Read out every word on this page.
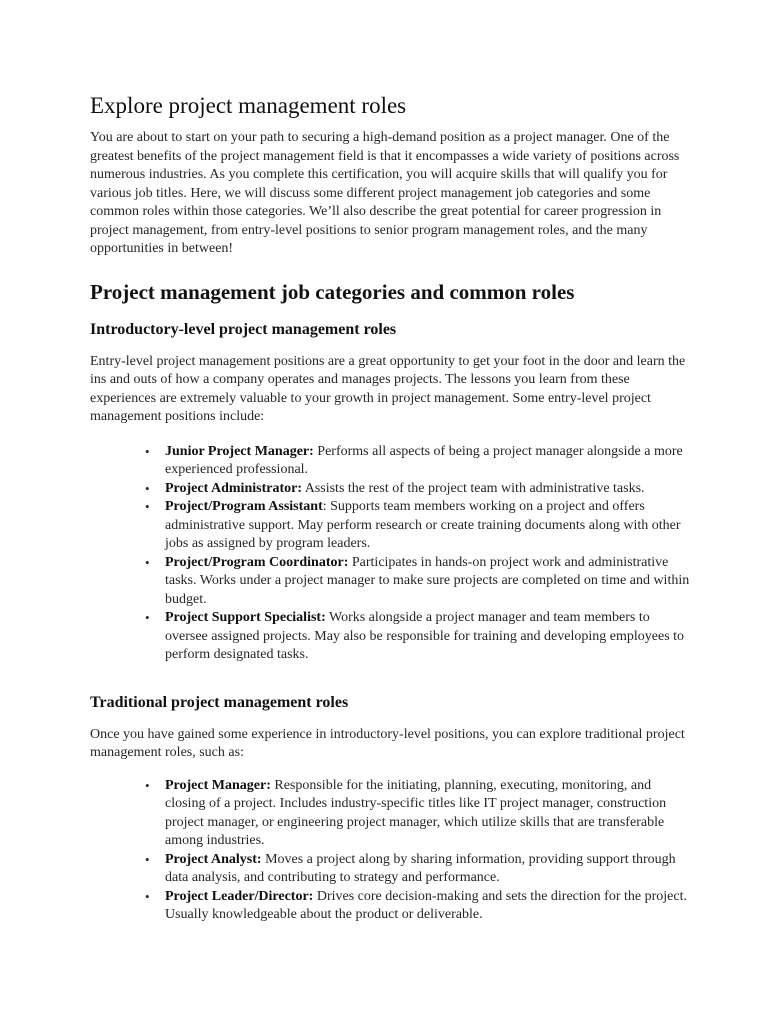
Explore project management roles

You are about to start on your path to securing a high-demand position as a project manager. One of the greatest benefits of the project management field is that it encompasses a wide variety of positions across numerous industries. As you complete this certification, you will acquire skills that will qualify you for various job titles. Here, we will discuss some different project management job categories and some common roles within those categories. We’ll also describe the great potential for career progression in project management, from entry-level positions to senior program management roles, and the many opportunities in between!

Project management job categories and common roles
Introductory-level project management roles

Entry-level project management positions are a great opportunity to get your foot in the door and learn the ins and outs of how a company operates and manages projects. The lessons you learn from these experiences are extremely valuable to your growth in project management. Some entry-level project management positions include:

• Junior Project Manager: Performs all aspects of being a project manager alongside a more experienced professional.
• Project Administrator: Assists the rest of the project team with administrative tasks.
• Project/Program Assistant: Supports team members working on a project and offers administrative support. May perform research or create training documents along with other jobs as assigned by program leaders.
• Project/Program Coordinator: Participates in hands-on project work and administrative tasks. Works under a project manager to make sure projects are completed on time and within budget.
• Project Support Specialist: Works alongside a project manager and team members to oversee assigned projects. May also be responsible for training and developing employees to perform designated tasks.
Traditional project management roles

Once you have gained some experience in introductory-level positions, you can explore traditional project management roles, such as:

• Project Manager: Responsible for the initiating, planning, executing, monitoring, and closing of a project. Includes industry-specific titles like IT project manager, construction project manager, or engineering project manager, which utilize skills that are transferable among industries.
• Project Analyst: Moves a project along by sharing information, providing support through data analysis, and contributing to strategy and performance.
• Project Leader/Director: Drives core decision-making and sets the direction for the project. Usually knowledgeable about the product or deliverable.
